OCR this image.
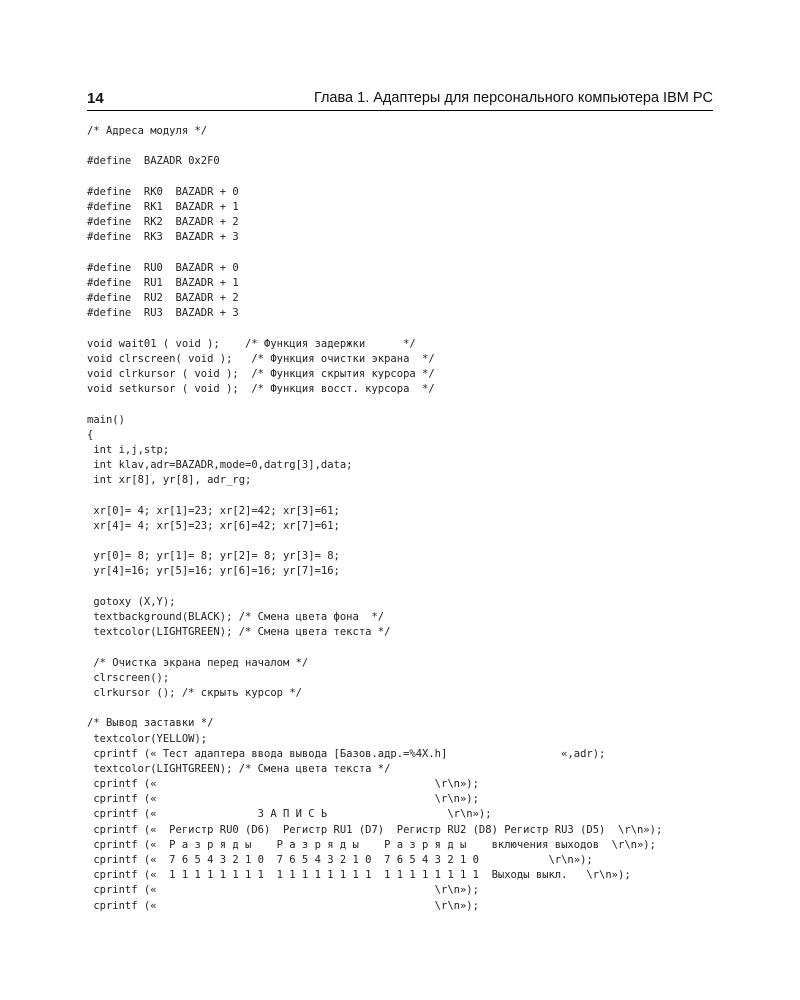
14	Глава 1. Адаптеры для персонального компьютера IBM PC
/* Адреса модуля */
#define  BAZADR 0x2F0
#define  RK0  BAZADR + 0
#define  RK1  BAZADR + 1
#define  RK2  BAZADR + 2
#define  RK3  BAZADR + 3
#define  RU0  BAZADR + 0
#define  RU1  BAZADR + 1
#define  RU2  BAZADR + 2
#define  RU3  BAZADR + 3
void wait01 ( void );    /* Функция задержки      */
void clrscreen( void );   /* Функция очистки экрана  */
void clrkursor ( void );  /* Функция скрытия курсора */
void setkursor ( void );  /* Функция восст. курсора  */
main()
{
int i,j,stp;
int klav,adr=BAZADR,mode=0,datrg[3],data;
int xr[8], yr[8], adr_rg;
xr[0]= 4; xr[1]=23; xr[2]=42; xr[3]=61;
xr[4]= 4; xr[5]=23; xr[6]=42; xr[7]=61;
yr[0]= 8; yr[1]= 8; yr[2]= 8; yr[3]= 8;
yr[4]=16; yr[5]=16; yr[6]=16; yr[7]=16;
gotoxy (X,Y);
textbackground(BLACK); /* Смена цвета фона  */
textcolor(LIGHTGREEN); /* Смена цвета текста */
/* Очистка экрана перед началом */
clrscreen();
clrkursor (); /* скрыть курсор */
/* Вывод заставки */
textcolor(YELLOW);
cprintf (« Тест адаптера ввода вывода [Базов.адр.=%4X.h]                  «,adr);
textcolor(LIGHTGREEN); /* Смена цвета текста */
cprintf («                                            \r\n»);
cprintf («                                            \r\n»);
cprintf («                З А П И С Ь                   \r\n»);
cprintf («  Регистр RU0 (D6)  Регистр RU1 (D7)  Регистр RU2 (D8) Регистр RU3 (D5)  \r\n»);
cprintf («  Р а з р я д ы    Р а з р я д ы    Р а з р я д ы    включения выходов  \r\n»);
cprintf («  7 6 5 4 3 2 1 0  7 6 5 4 3 2 1 0  7 6 5 4 3 2 1 0           \r\n»);
cprintf («  1 1 1 1 1 1 1 1  1 1 1 1 1 1 1 1  1 1 1 1 1 1 1 1  Выходы выкл.   \r\n»);
cprintf («                                            \r\n»);
cprintf («                                            \r\n»);
